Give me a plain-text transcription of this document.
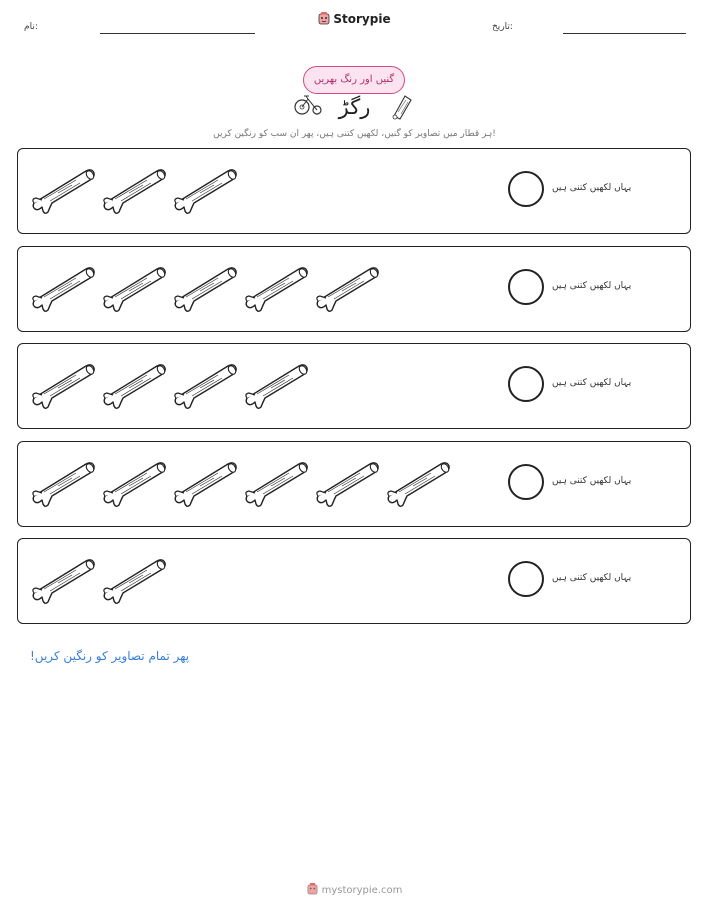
نام:
Storypie
تاریخ:
گنیں اور رنگ بھریں
رگڑ
ہر قطار میں تصاویر کو گنیں، لکھیں کتنی ہیں، پھر ان سب کو رنگین کریں!
یہاں لکھیں کتنی ہیں
یہاں لکھیں کتنی ہیں
یہاں لکھیں کتنی ہیں
یہاں لکھیں کتنی ہیں
یہاں لکھیں کتنی ہیں
پھر تمام تصاویر کو رنگین کریں!
mystorypie.com
